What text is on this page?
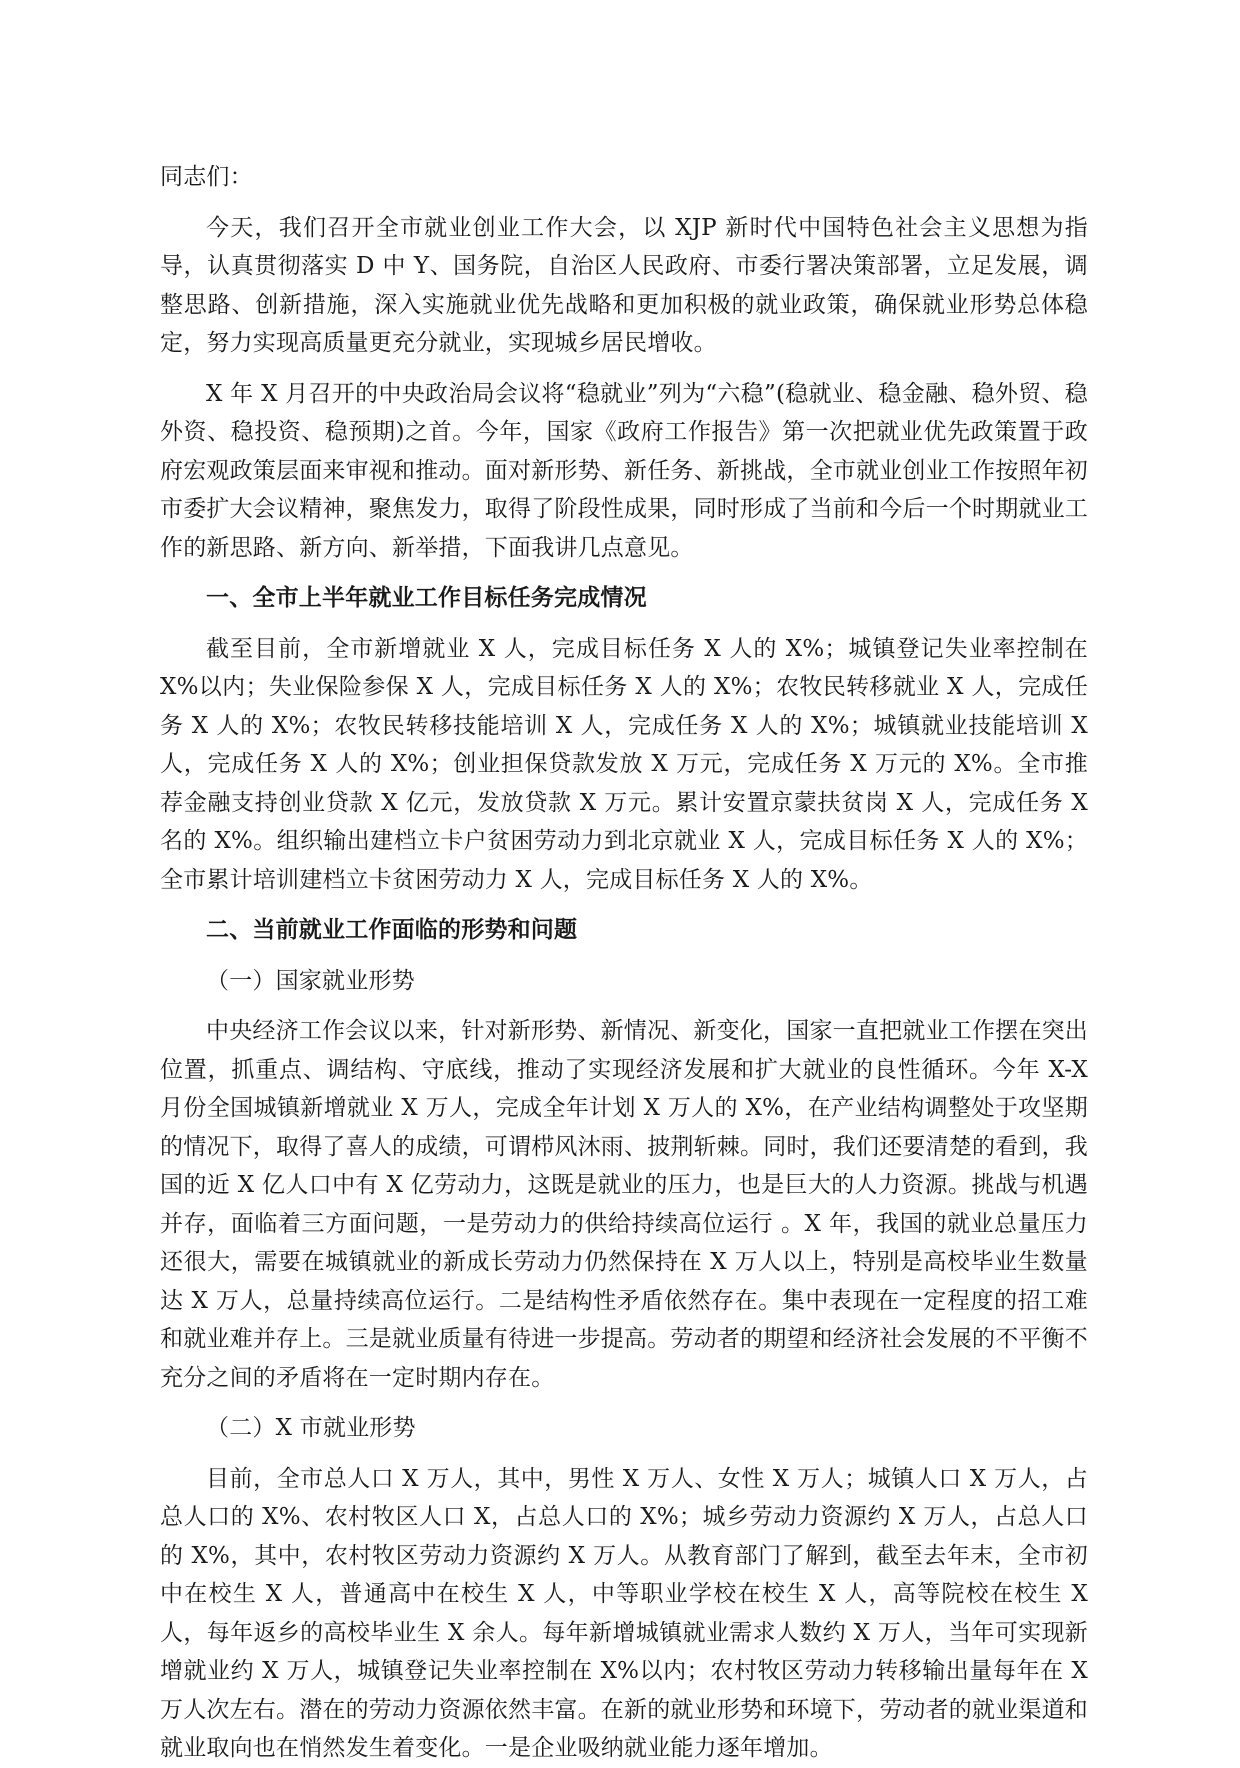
同志们：

今天，我们召开全市就业创业工作大会，以 XJP 新时代中国特色社会主义思想为指导，认真贯彻落实 D 中 Y、国务院，自治区人民政府、市委行署决策部署，立足发展，调整思路、创新措施，深入实施就业优先战略和更加积极的就业政策，确保就业形势总体稳定，努力实现高质量更充分就业，实现城乡居民增收。

X 年 X 月召开的中央政治局会议将“稳就业”列为“六稳”(稳就业、稳金融、稳外贸、稳外资、稳投资、稳预期)之首。今年，国家《政府工作报告》第一次把就业优先政策置于政府宏观政策层面来审视和推动。面对新形势、新任务、新挑战，全市就业创业工作按照年初市委扩大会议精神，聚焦发力，取得了阶段性成果，同时形成了当前和今后一个时期就业工作的新思路、新方向、新举措，下面我讲几点意见。

一、全市上半年就业工作目标任务完成情况

截至目前，全市新增就业 X 人，完成目标任务 X 人的 X%；城镇登记失业率控制在 X%以内；失业保险参保 X 人，完成目标任务 X 人的 X%；农牧民转移就业 X 人，完成任务 X 人的 X%；农牧民转移技能培训 X 人，完成任务 X 人的 X%；城镇就业技能培训 X 人，完成任务 X 人的 X%；创业担保贷款发放 X 万元，完成任务 X 万元的 X%。全市推荐金融支持创业贷款 X 亿元，发放贷款 X 万元。累计安置京蒙扶贫岗 X 人，完成任务 X 名的 X%。组织输出建档立卡户贫困劳动力到北京就业 X 人，完成目标任务 X 人的 X%；全市累计培训建档立卡贫困劳动力 X 人，完成目标任务 X 人的 X%。

二、当前就业工作面临的形势和问题

（一）国家就业形势

中央经济工作会议以来，针对新形势、新情况、新变化，国家一直把就业工作摆在突出位置，抓重点、调结构、守底线，推动了实现经济发展和扩大就业的良性循环。今年 X-X 月份全国城镇新增就业 X 万人，完成全年计划 X 万人的 X%，在产业结构调整处于攻坚期的情况下，取得了喜人的成绩，可谓栉风沐雨、披荆斩棘。同时，我们还要清楚的看到，我国的近 X 亿人口中有 X 亿劳动力，这既是就业的压力，也是巨大的人力资源。挑战与机遇并存，面临着三方面问题，一是劳动力的供给持续高位运行 。X 年，我国的就业总量压力还很大，需要在城镇就业的新成长劳动力仍然保持在 X 万人以上，特别是高校毕业生数量达 X 万人，总量持续高位运行。二是结构性矛盾依然存在。集中表现在一定程度的招工难和就业难并存上。三是就业质量有待进一步提高。劳动者的期望和经济社会发展的不平衡不充分之间的矛盾将在一定时期内存在。

（二）X 市就业形势

目前，全市总人口 X 万人，其中，男性 X 万人、女性 X 万人；城镇人口 X 万人，占总人口的 X%、农村牧区人口 X，占总人口的 X%；城乡劳动力资源约 X 万人，占总人口的 X%，其中，农村牧区劳动力资源约 X 万人。从教育部门了解到，截至去年末，全市初中在校生 X 人，普通高中在校生 X 人，中等职业学校在校生 X 人，高等院校在校生 X 人，每年返乡的高校毕业生 X 余人。每年新增城镇就业需求人数约 X 万人，当年可实现新增就业约 X 万人，城镇登记失业率控制在 X%以内；农村牧区劳动力转移输出量每年在 X 万人次左右。潜在的劳动力资源依然丰富。在新的就业形势和环境下，劳动者的就业渠道和就业取向也在悄然发生着变化。一是企业吸纳就业能力逐年增加。
